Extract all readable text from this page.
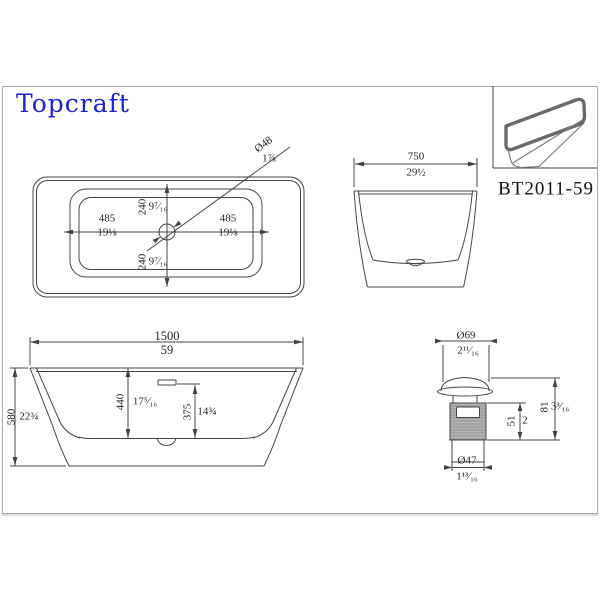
Topcraft
BT2011-59
485
19⅛
485
19⅛
240 9⁷⁄₁₆
240 9⁷⁄₁₆
Ø48
1⅞	750
29½
1500
59
580 22¾
440 17⁵⁄₁₆
375 14¾
Ø69
2¹¹⁄₁₆
51 2
81 3³⁄₁₆
Ø47
1¹³⁄₁₆
